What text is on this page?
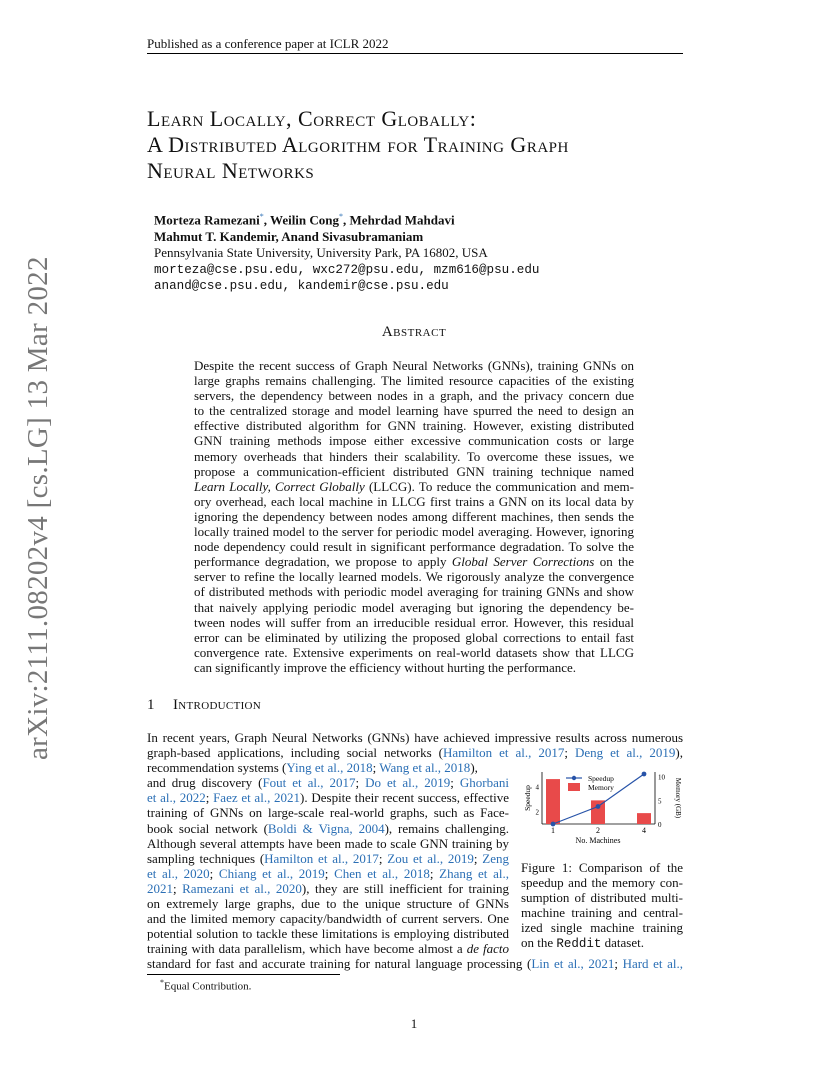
Published as a conference paper at ICLR 2022
arXiv:2111.08202v4 [cs.LG] 13 Mar 2022
Learn Locally, Correct Globally:
A Distributed Algorithm for Training Graph
Neural Networks
Morteza Ramezani*, Weilin Cong*, Mehrdad Mahdavi
Mahmut T. Kandemir, Anand Sivasubramaniam
Pennsylvania State University, University Park, PA 16802, USA
morteza@cse.psu.edu, wxc272@psu.edu, mzm616@psu.edu
anand@cse.psu.edu, kandemir@cse.psu.edu
Abstract
Despite the recent success of Graph Neural Networks (GNNs), training GNNs on
large graphs remains challenging. The limited resource capacities of the existing
servers, the dependency between nodes in a graph, and the privacy concern due
to the centralized storage and model learning have spurred the need to design an
effective distributed algorithm for GNN training. However, existing distributed
GNN training methods impose either excessive communication costs or large
memory overheads that hinders their scalability. To overcome these issues, we
propose a communication-efficient distributed GNN training technique named
Learn Locally, Correct Globally (LLCG). To reduce the communication and mem-
ory overhead, each local machine in LLCG first trains a GNN on its local data by
ignoring the dependency between nodes among different machines, then sends the
locally trained model to the server for periodic model averaging. However, ignoring
node dependency could result in significant performance degradation. To solve the
performance degradation, we propose to apply Global Server Corrections on the
server to refine the locally learned models. We rigorously analyze the convergence
of distributed methods with periodic model averaging for training GNNs and show
that naively applying periodic model averaging but ignoring the dependency be-
tween nodes will suffer from an irreducible residual error. However, this residual
error can be eliminated by utilizing the proposed global corrections to entail fast
convergence rate. Extensive experiments on real-world datasets show that LLCG
can significantly improve the efficiency without hurting the performance.
1 Introduction
In recent years, Graph Neural Networks (GNNs) have achieved impressive results across numerous
graph-based applications, including social networks (Hamilton et al., 2017; Deng et al., 2019),
recommendation systems (Ying et al., 2018; Wang et al., 2018),
and drug discovery (Fout et al., 2017; Do et al., 2019; Ghorbani
et al., 2022; Faez et al., 2021). Despite their recent success, effective
training of GNNs on large-scale real-world graphs, such as Face-
book social network (Boldi & Vigna, 2004), remains challenging.
Although several attempts have been made to scale GNN training by
sampling techniques (Hamilton et al., 2017; Zou et al., 2019; Zeng
et al., 2020; Chiang et al., 2019; Chen et al., 2018; Zhang et al.,
2021; Ramezani et al., 2020), they are still inefficient for training
on extremely large graphs, due to the unique structure of GNNs
and the limited memory capacity/bandwidth of current servers. One
potential solution to tackle these limitations is employing distributed
training with data parallelism, which have become almost a de facto
standard for fast and accurate training for natural language processing (Lin et al., 2021; Hard et al.,
1	2	4
2
4
0
5
10
No. Machines
Speedup	Memory (GB)
Speedup
Memory
Figure 1: Comparison of the
speedup and the memory con-
sumption of distributed multi-
machine training and central-
ized single machine training
on the Reddit dataset.
*Equal Contribution.
1
